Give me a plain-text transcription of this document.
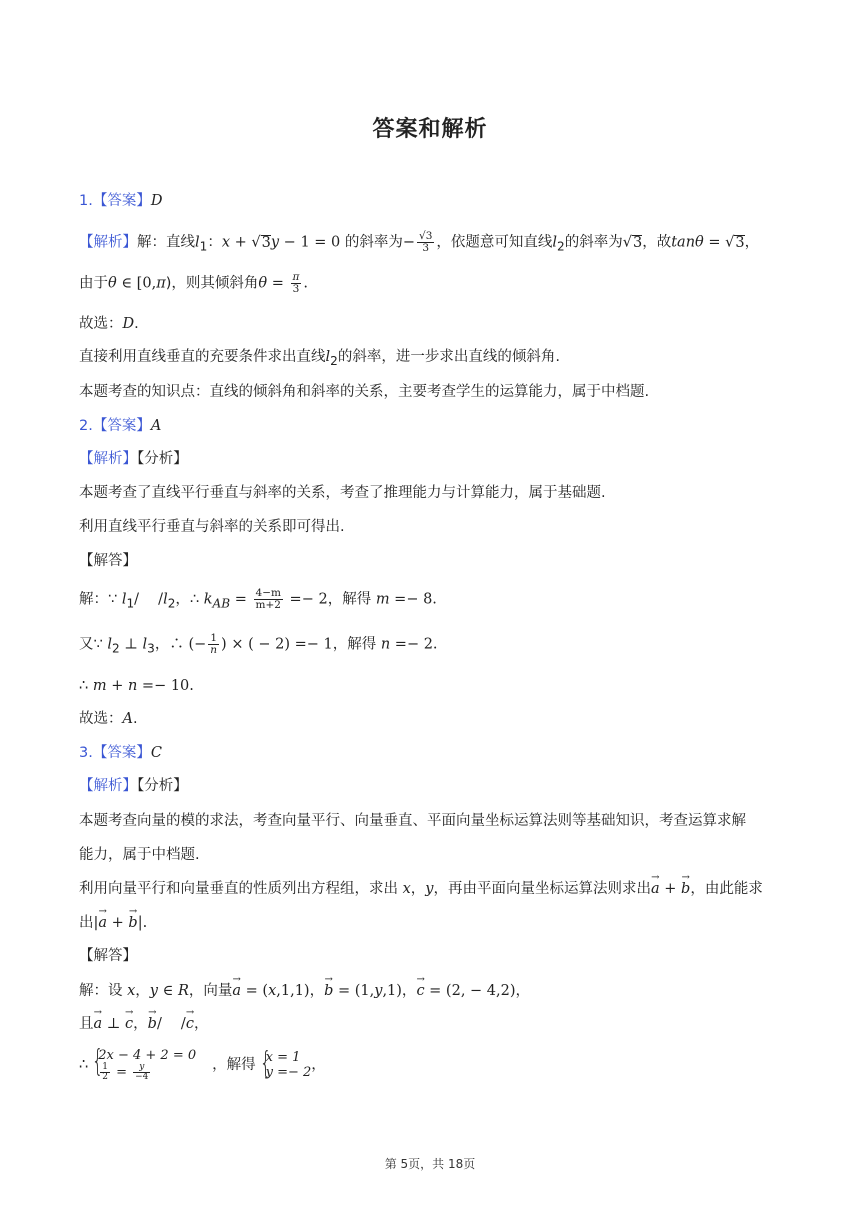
答案和解析
1.【答案】D
【解析】解：直线$l_1$：x + √3y − 1 = 0 的斜率为− $\frac{√3}{3}$ ，依题意可知直线$l_2$的斜率为√3，故tanθ = √3，
由于θ ∈ [0,π)，则其倾斜角$\theta = \frac{\pi}{3}$ .
故选：D.
直接利用直线垂直的充要条件求出直线$l_2$的斜率，进一步求出直线的倾斜角.
本题考查的知识点：直线的倾斜角和斜率的关系，主要考查学生的运算能力，属于中档题.
2.【答案】A
【解析】【分析】
本题考查了直线平行垂直与斜率的关系，考查了推理能力与计算能力，属于基础题.
利用直线平行垂直与斜率的关系即可得出.
【解答】
解：∵ $l_1/$  $/l_2$，∴ $k_{AB} = \frac{4-m}{m+2} =- 2$，解得 m =− 8.
又∵ $l_2$ ⊥ $l_3$，∴ (− $\frac{1}{n}$ ) × ( − 2) =− 1，解得 n =− 2.
∴ m + n =− 10.
故选：A.
3.【答案】C
【解析】【分析】
本题考查向量的模的求法，考查向量平行、向量垂直、平面向量坐标运算法则等基础知识，考查运算求解
能力，属于中档题.
利用向量平行和向量垂直的性质列出方程组，求出 x，y，再由平面向量坐标运算法则求出→ a + → b，由此能求
出|→ a + → b|.
【解答】
解：设 x，y ∈ R，向量→ a = (x,1,1)，→ b = (1,y,1)，→ c = (2, − 4,2)，
且→ a ⊥ → c，→ b/  /→ c，
∴ {
2x − 4 + 2 = 0
$\frac{1}{2} = \frac{y}{-4}$	，解得 {
x = 1
y =− 2 ，
第 5页，共 18页
